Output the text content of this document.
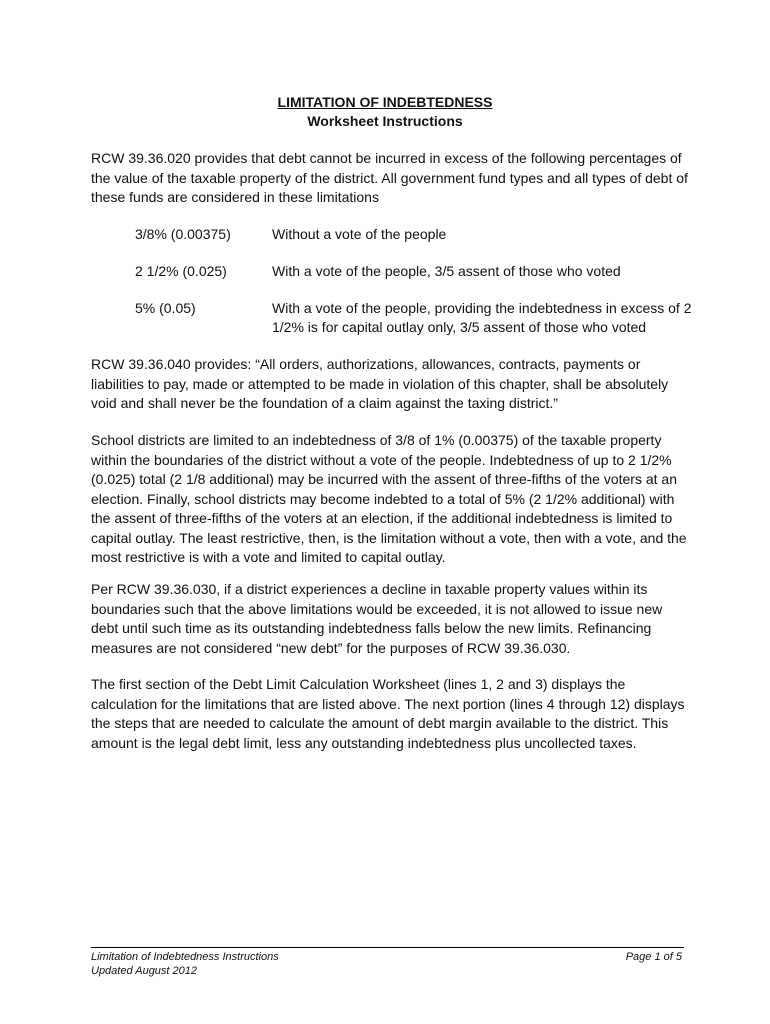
LIMITATION OF INDEBTEDNESS
Worksheet Instructions

RCW 39.36.020 provides that debt cannot be incurred in excess of the following percentages of the value of the taxable property of the district. All government fund types and all types of debt of these funds are considered in these limitations

3/8% (0.00375)	Without a vote of the people
2 1/2% (0.025)	With a vote of the people, 3/5 assent of those who voted
5% (0.05)	With a vote of the people, providing the indebtedness in excess of 2 1/2% is for capital outlay only, 3/5 assent of those who voted

RCW 39.36.040 provides: “All orders, authorizations, allowances, contracts, payments or liabilities to pay, made or attempted to be made in violation of this chapter, shall be absolutely void and shall never be the foundation of a claim against the taxing district.”

School districts are limited to an indebtedness of 3/8 of 1% (0.00375) of the taxable property within the boundaries of the district without a vote of the people. Indebtedness of up to 2 1/2% (0.025) total (2 1/8 additional) may be incurred with the assent of three-fifths of the voters at an election. Finally, school districts may become indebted to a total of 5% (2 1/2% additional) with the assent of three-fifths of the voters at an election, if the additional indebtedness is limited to capital outlay. The least restrictive, then, is the limitation without a vote, then with a vote, and the most restrictive is with a vote and limited to capital outlay.

Per RCW 39.36.030, if a district experiences a decline in taxable property values within its boundaries such that the above limitations would be exceeded, it is not allowed to issue new debt until such time as its outstanding indebtedness falls below the new limits. Refinancing measures are not considered “new debt” for the purposes of RCW 39.36.030.

The first section of the Debt Limit Calculation Worksheet (lines 1, 2 and 3) displays the calculation for the limitations that are listed above. The next portion (lines 4 through 12) displays the steps that are needed to calculate the amount of debt margin available to the district. This amount is the legal debt limit, less any outstanding indebtedness plus uncollected taxes.

Limitation of Indebtedness Instructions
Updated August 2012
Page 1 of 5
